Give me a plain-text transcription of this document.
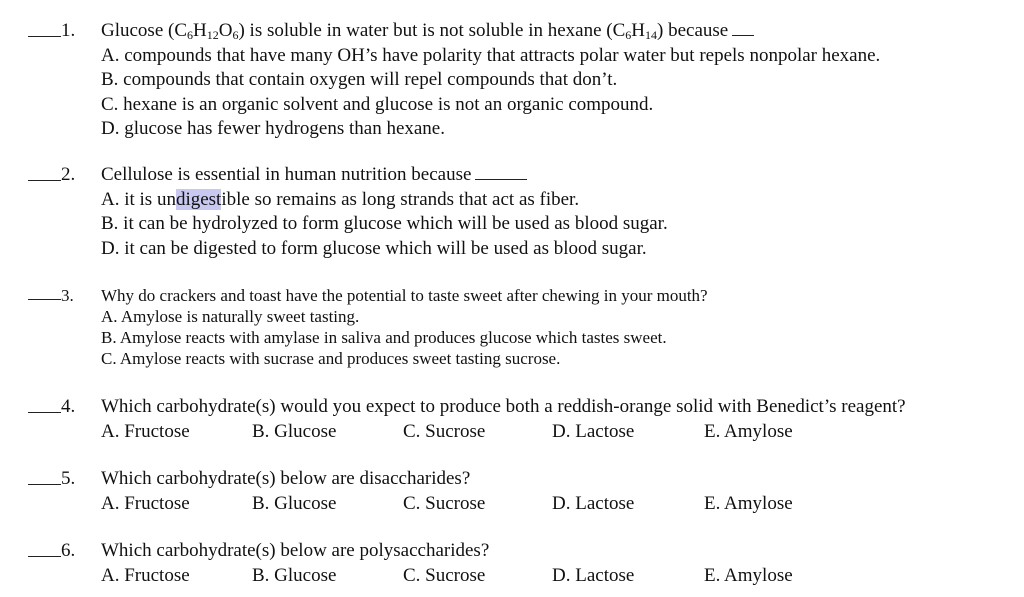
1. Glucose $(C_6H_{12}O_6)$ is soluble in water but is not soluble in hexane $(C_6H_{14})$ because
A. compounds that have many OH’s have polarity that attracts polar water but repels nonpolar hexane.
B. compounds that contain oxygen will repel compounds that don’t.
C. hexane is an organic solvent and glucose is not an organic compound.
D. glucose has fewer hydrogens than hexane.
2. Cellulose is essential in human nutrition because
A. it is undigestible so remains as long strands that act as fiber.
B. it can be hydrolyzed to form glucose which will be used as blood sugar.
D. it can be digested to form glucose which will be used as blood sugar.
3. Why do crackers and toast have the potential to taste sweet after chewing in your mouth?
A. Amylose is naturally sweet tasting.
B. Amylose reacts with amylase in saliva and produces glucose which tastes sweet.
C. Amylose reacts with sucrase and produces sweet tasting sucrose.
4. Which carbohydrate(s) would you expect to produce both a reddish-orange solid with Benedict’s reagent?
A. Fructose	B. Glucose	C. Sucrose	D. Lactose	E. Amylose
5. Which carbohydrate(s) below are disaccharides?
A. Fructose	B. Glucose	C. Sucrose	D. Lactose	E. Amylose
6. Which carbohydrate(s) below are polysaccharides?
A. Fructose	B. Glucose	C. Sucrose	D. Lactose	E. Amylose
